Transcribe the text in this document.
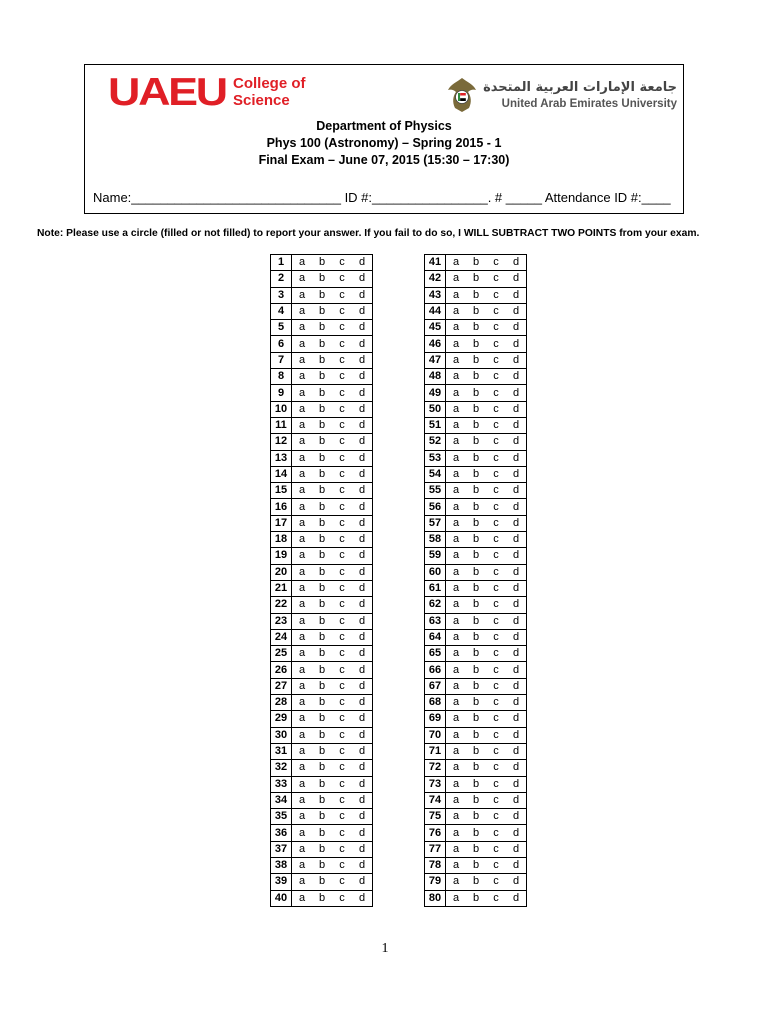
UAEU College of
Science
جامعة الإمارات العربية المتحدة
United Arab Emirates University
Department of Physics
Phys 100 (Astronomy) – Spring 2015 - 1
Final Exam – June 07, 2015 (15:30 – 17:30)
Name:_____________________________ ID #:________________. # _____ Attendance ID #:____
Note: Please use a circle (filled or not filled) to report your answer. If you fail to do so, I WILL SUBTRACT TWO POINTS from your exam.
1	a	b	c	d
2	a	b	c	d
3	a	b	c	d
4	a	b	c	d
5	a	b	c	d
6	a	b	c	d
7	a	b	c	d
8	a	b	c	d
9	a	b	c	d
10	a	b	c	d
11	a	b	c	d
12	a	b	c	d
13	a	b	c	d
14	a	b	c	d
15	a	b	c	d
16	a	b	c	d
17	a	b	c	d
18	a	b	c	d
19	a	b	c	d
20	a	b	c	d
21	a	b	c	d
22	a	b	c	d
23	a	b	c	d
24	a	b	c	d
25	a	b	c	d
26	a	b	c	d
27	a	b	c	d
28	a	b	c	d
29	a	b	c	d
30	a	b	c	d
31	a	b	c	d
32	a	b	c	d
33	a	b	c	d
34	a	b	c	d
35	a	b	c	d
36	a	b	c	d
37	a	b	c	d
38	a	b	c	d
39	a	b	c	d
40	a	b	c	d
41	a	b	c	d
42	a	b	c	d
43	a	b	c	d
44	a	b	c	d
45	a	b	c	d
46	a	b	c	d
47	a	b	c	d
48	a	b	c	d
49	a	b	c	d
50	a	b	c	d
51	a	b	c	d
52	a	b	c	d
53	a	b	c	d
54	a	b	c	d
55	a	b	c	d
56	a	b	c	d
57	a	b	c	d
58	a	b	c	d
59	a	b	c	d
60	a	b	c	d
61	a	b	c	d
62	a	b	c	d
63	a	b	c	d
64	a	b	c	d
65	a	b	c	d
66	a	b	c	d
67	a	b	c	d
68	a	b	c	d
69	a	b	c	d
70	a	b	c	d
71	a	b	c	d
72	a	b	c	d
73	a	b	c	d
74	a	b	c	d
75	a	b	c	d
76	a	b	c	d
77	a	b	c	d
78	a	b	c	d
79	a	b	c	d
80	a	b	c	d
1
